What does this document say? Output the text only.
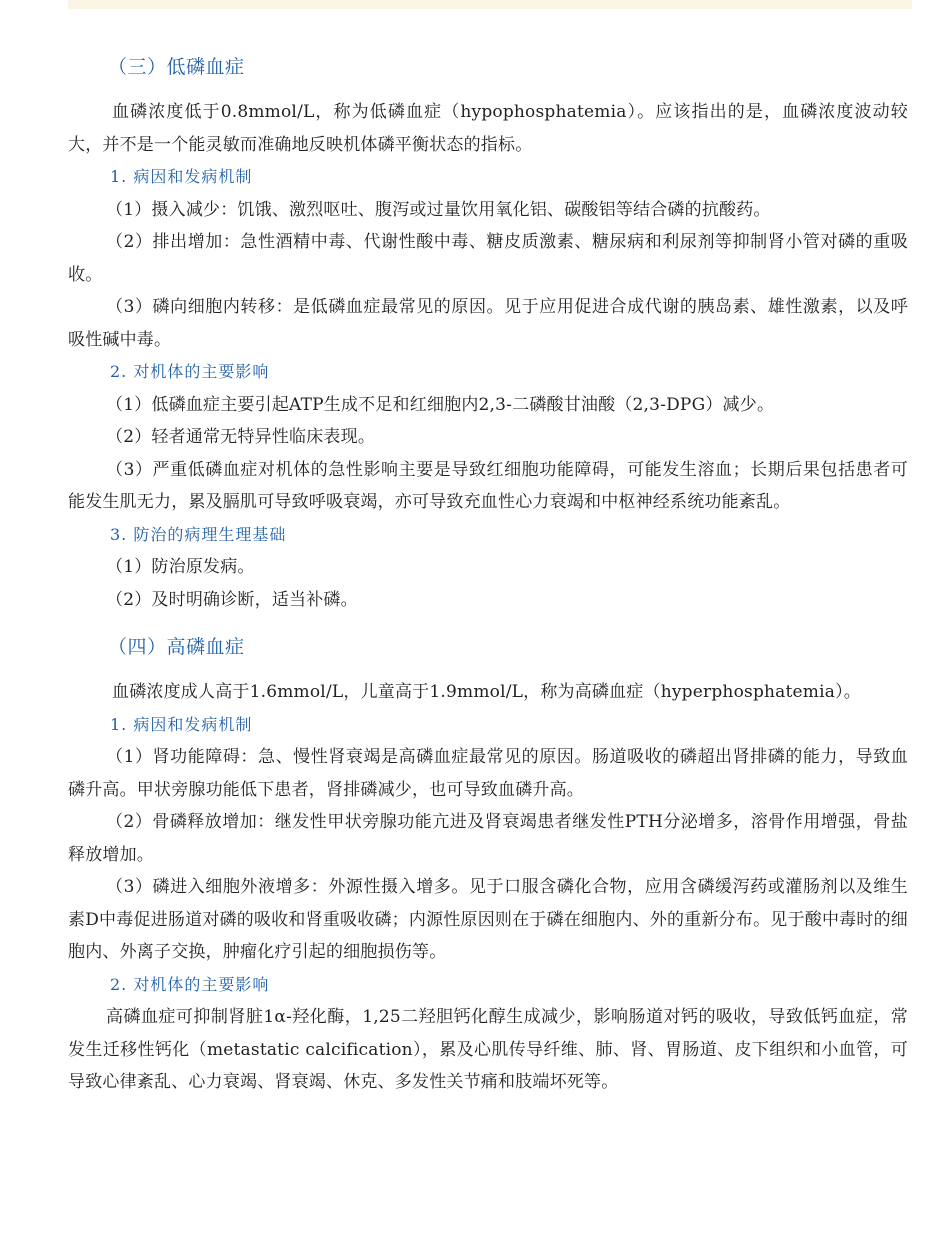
（三）低磷血症

血磷浓度低于0.8mmol/L，称为低磷血症（hypophosphatemia）。应该指出的是，血磷浓度波动较大，并不是一个能灵敏而准确地反映机体磷平衡状态的指标。

1. 病因和发病机制

（1）摄入减少：饥饿、激烈呕吐、腹泻或过量饮用氧化铝、碳酸铝等结合磷的抗酸药。

（2）排出增加：急性酒精中毒、代谢性酸中毒、糖皮质激素、糖尿病和利尿剂等抑制肾小管对磷的重吸收。

（3）磷向细胞内转移：是低磷血症最常见的原因。见于应用促进合成代谢的胰岛素、雄性激素，以及呼吸性碱中毒。

2. 对机体的主要影响

（1）低磷血症主要引起ATP生成不足和红细胞内2,3-二磷酸甘油酸（2,3-DPG）减少。

（2）轻者通常无特异性临床表现。

（3）严重低磷血症对机体的急性影响主要是导致红细胞功能障碍，可能发生溶血；长期后果包括患者可能发生肌无力，累及膈肌可导致呼吸衰竭，亦可导致充血性心力衰竭和中枢神经系统功能紊乱。

3. 防治的病理生理基础

（1）防治原发病。

（2）及时明确诊断，适当补磷。

（四）高磷血症

血磷浓度成人高于1.6mmol/L，儿童高于1.9mmol/L，称为高磷血症（hyperphosphatemia）。

1. 病因和发病机制

（1）肾功能障碍：急、慢性肾衰竭是高磷血症最常见的原因。肠道吸收的磷超出肾排磷的能力，导致血磷升高。甲状旁腺功能低下患者，肾排磷减少，也可导致血磷升高。

（2）骨磷释放增加：继发性甲状旁腺功能亢进及肾衰竭患者继发性PTH分泌增多，溶骨作用增强，骨盐释放增加。

（3）磷进入细胞外液增多：外源性摄入增多。见于口服含磷化合物，应用含磷缓泻药或灌肠剂以及维生素D中毒促进肠道对磷的吸收和肾重吸收磷；内源性原因则在于磷在细胞内、外的重新分布。见于酸中毒时的细胞内、外离子交换，肿瘤化疗引起的细胞损伤等。

2. 对机体的主要影响

高磷血症可抑制肾脏1α-羟化酶，1,25二羟胆钙化醇生成减少，影响肠道对钙的吸收，导致低钙血症，常发生迁移性钙化（metastatic calcification），累及心肌传导纤维、肺、肾、胃肠道、皮下组织和小血管，可导致心律紊乱、心力衰竭、肾衰竭、休克、多发性关节痛和肢端坏死等。
